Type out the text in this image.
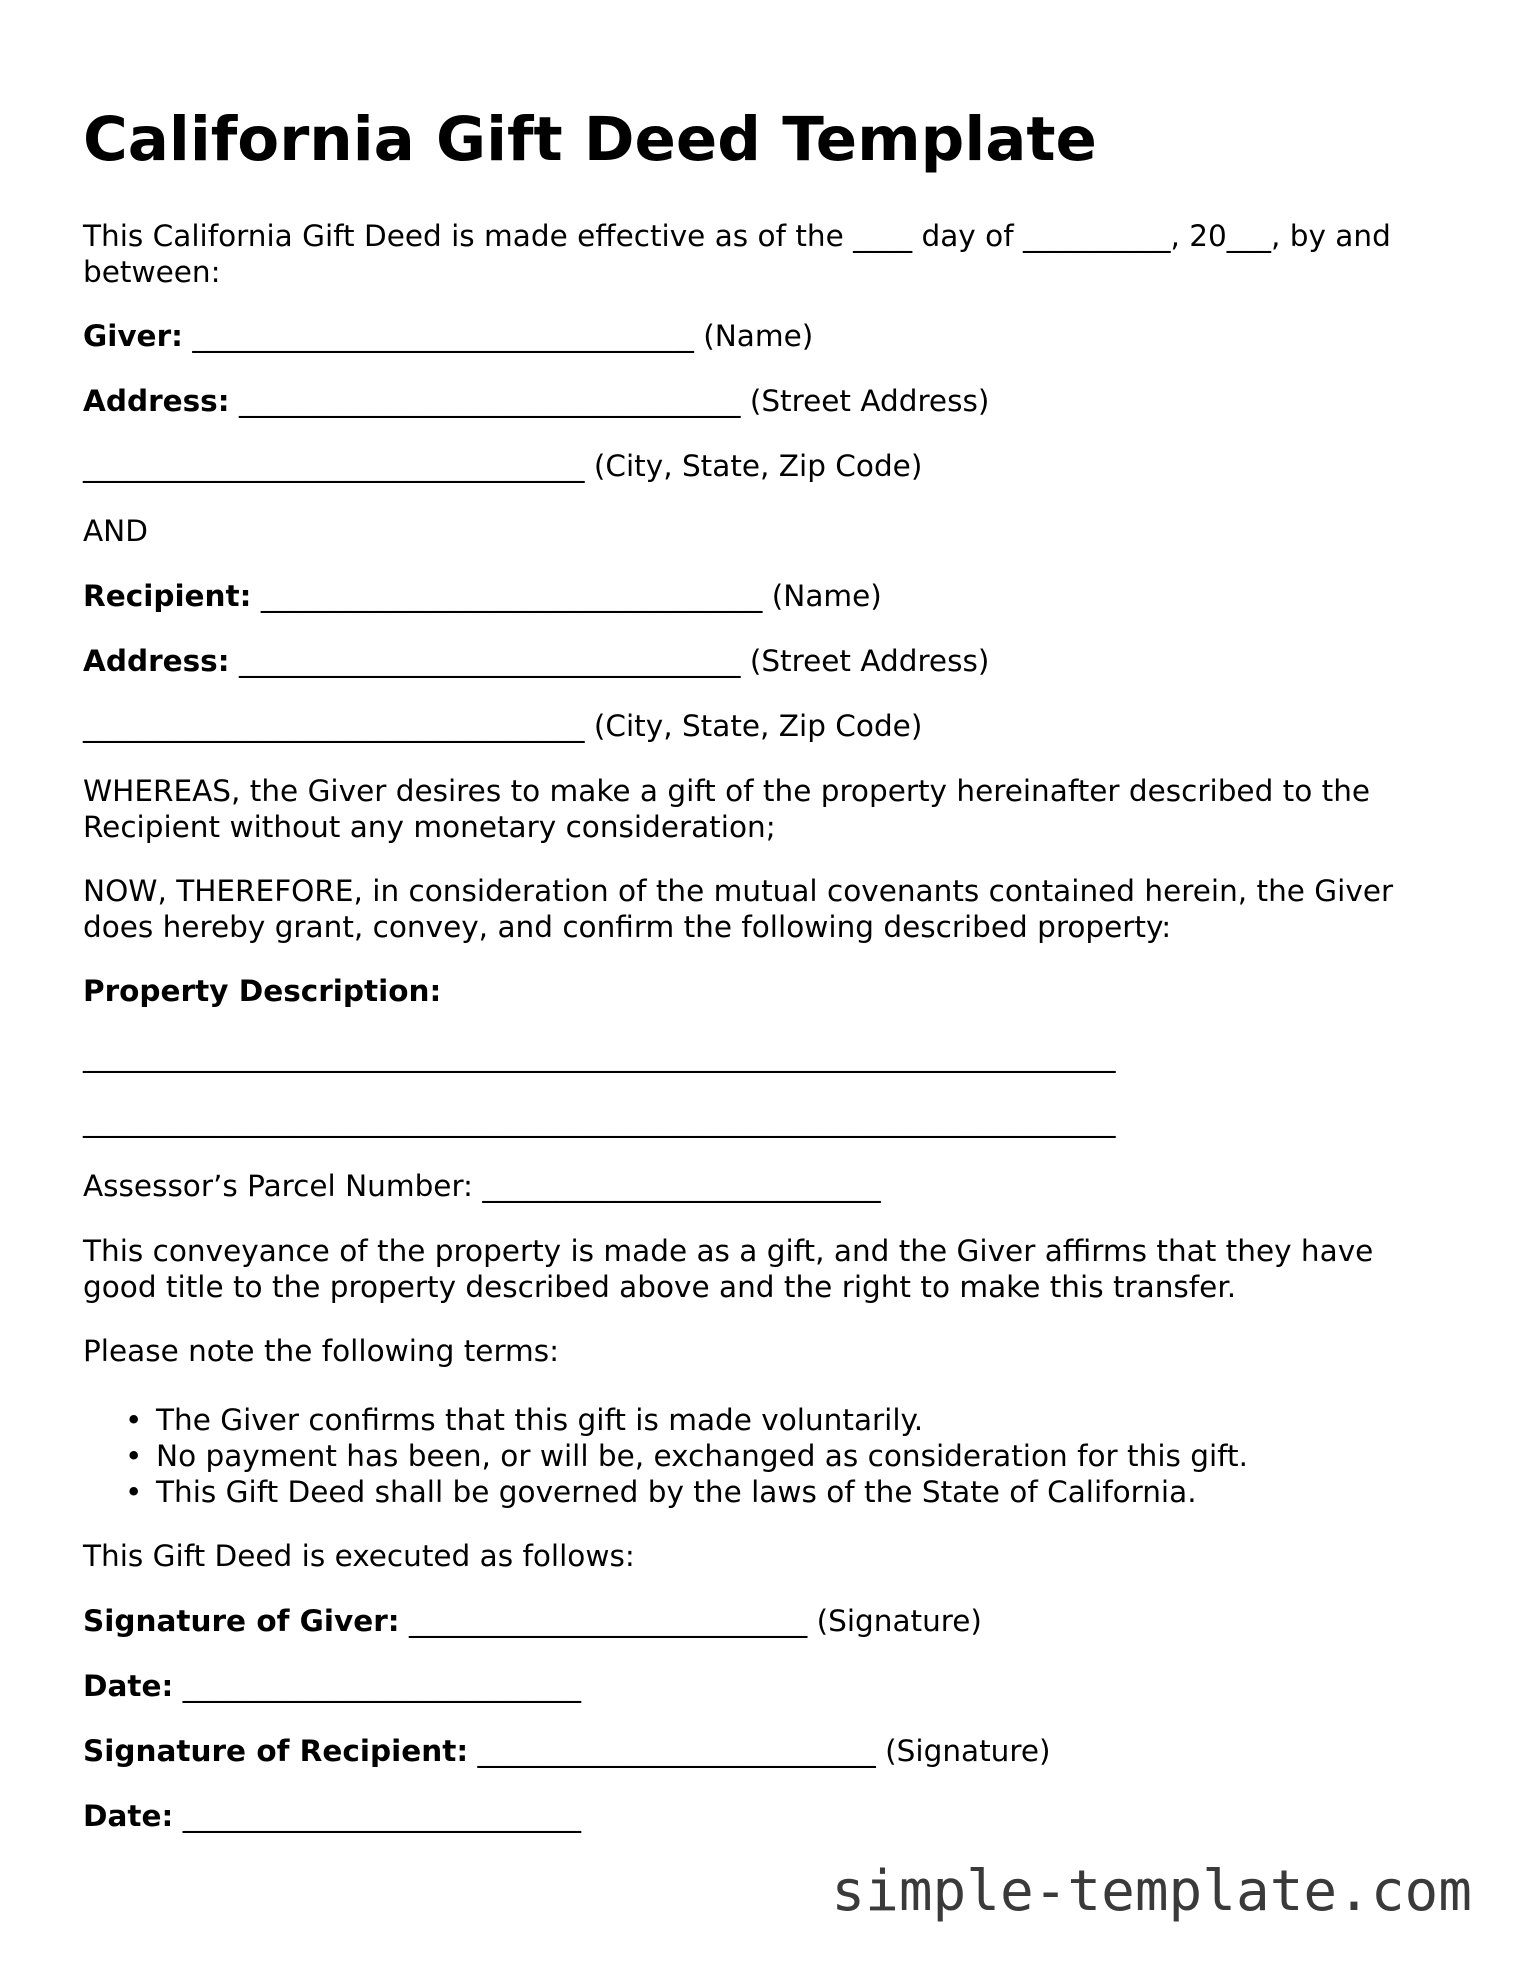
California Gift Deed Template

This California Gift Deed is made effective as of the ____ day of __________, 20___, by and between:

Giver: __________________________________ (Name)

Address: __________________________________ (Street Address)

__________________________________ (City, State, Zip Code)

AND

Recipient: __________________________________ (Name)

Address: __________________________________ (Street Address)

__________________________________ (City, State, Zip Code)

WHEREAS, the Giver desires to make a gift of the property hereinafter described to the Recipient without any monetary consideration;

NOW, THEREFORE, in consideration of the mutual covenants contained herein, the Giver does hereby grant, convey, and confirm the following described property:

Property Description:

______________________________________________________________________

______________________________________________________________________

Assessor’s Parcel Number: ___________________________

This conveyance of the property is made as a gift, and the Giver affirms that they have good title to the property described above and the right to make this transfer.

Please note the following terms:

• The Giver confirms that this gift is made voluntarily.
• No payment has been, or will be, exchanged as consideration for this gift.
• This Gift Deed shall be governed by the laws of the State of California.

This Gift Deed is executed as follows:

Signature of Giver: ___________________________ (Signature)

Date: ___________________________

Signature of Recipient: ___________________________ (Signature)

Date: ___________________________

simple-template.com
